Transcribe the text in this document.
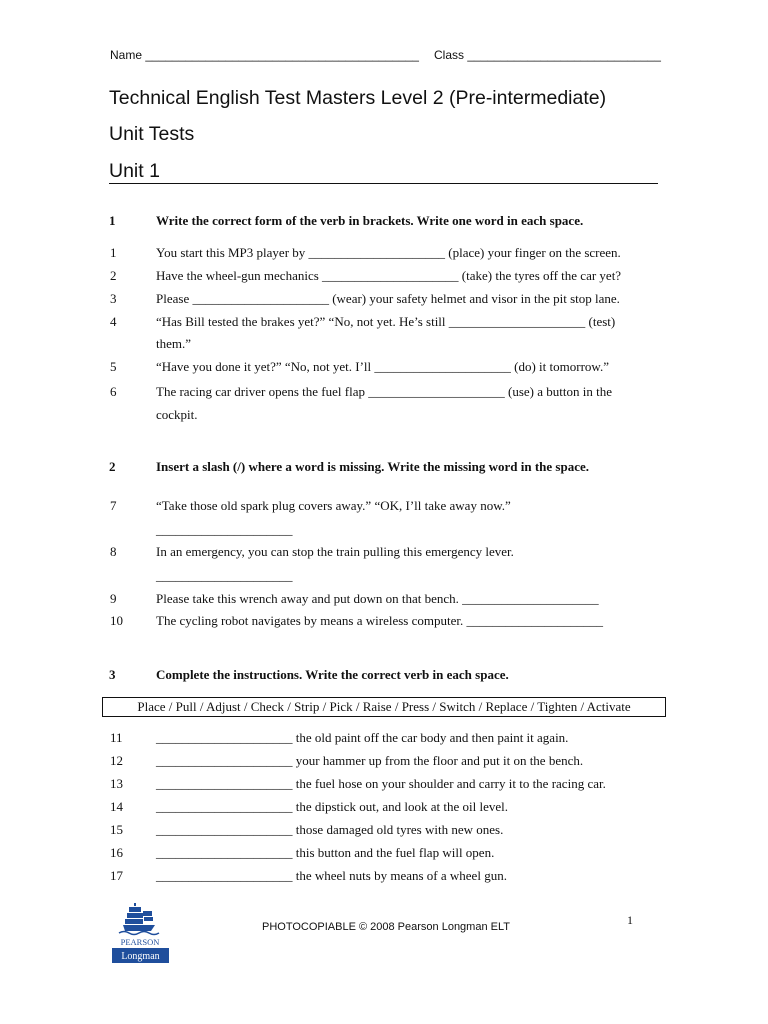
Name _________________________________________ Class _____________________________
Technical English Test Masters Level 2 (Pre-intermediate)
Unit Tests
Unit 1
1	Write the correct form of the verb in brackets. Write one word in each space.
1	You start this MP3 player by _____________________ (place) your finger on the screen.
2	Have the wheel-gun mechanics _____________________ (take) the tyres off the car yet?
3	Please _____________________ (wear) your safety helmet and visor in the pit stop lane.
4	“Has Bill tested the brakes yet?” “No, not yet. He’s still _____________________ (test)
them.”
5	“Have you done it yet?” “No, not yet. I’ll _____________________ (do) it tomorrow.”
6	The racing car driver opens the fuel flap _____________________ (use) a button in the
cockpit.
2	Insert a slash (/) where a word is missing. Write the missing word in the space.
7	“Take those old spark plug covers away.” “OK, I’ll take away now.”
_____________________
8	In an emergency, you can stop the train pulling this emergency lever.
_____________________
9	Please take this wrench away and put down on that bench. _____________________
10	The cycling robot navigates by means a wireless computer. _____________________
3	Complete the instructions. Write the correct verb in each space.
Place / Pull / Adjust / Check / Strip / Pick / Raise / Press / Switch / Replace / Tighten / Activate
11	_____________________ the old paint off the car body and then paint it again.
12	_____________________ your hammer up from the floor and put it on the bench.
13	_____________________ the fuel hose on your shoulder and carry it to the racing car.
14	_____________________ the dipstick out, and look at the oil level.
15	_____________________ those damaged old tyres with new ones.
16	_____________________ this button and the fuel flap will open.
17	_____________________ the wheel nuts by means of a wheel gun.
PHOTOCOPIABLE © 2008 Pearson Longman ELT	1
PEARSON
Longman
